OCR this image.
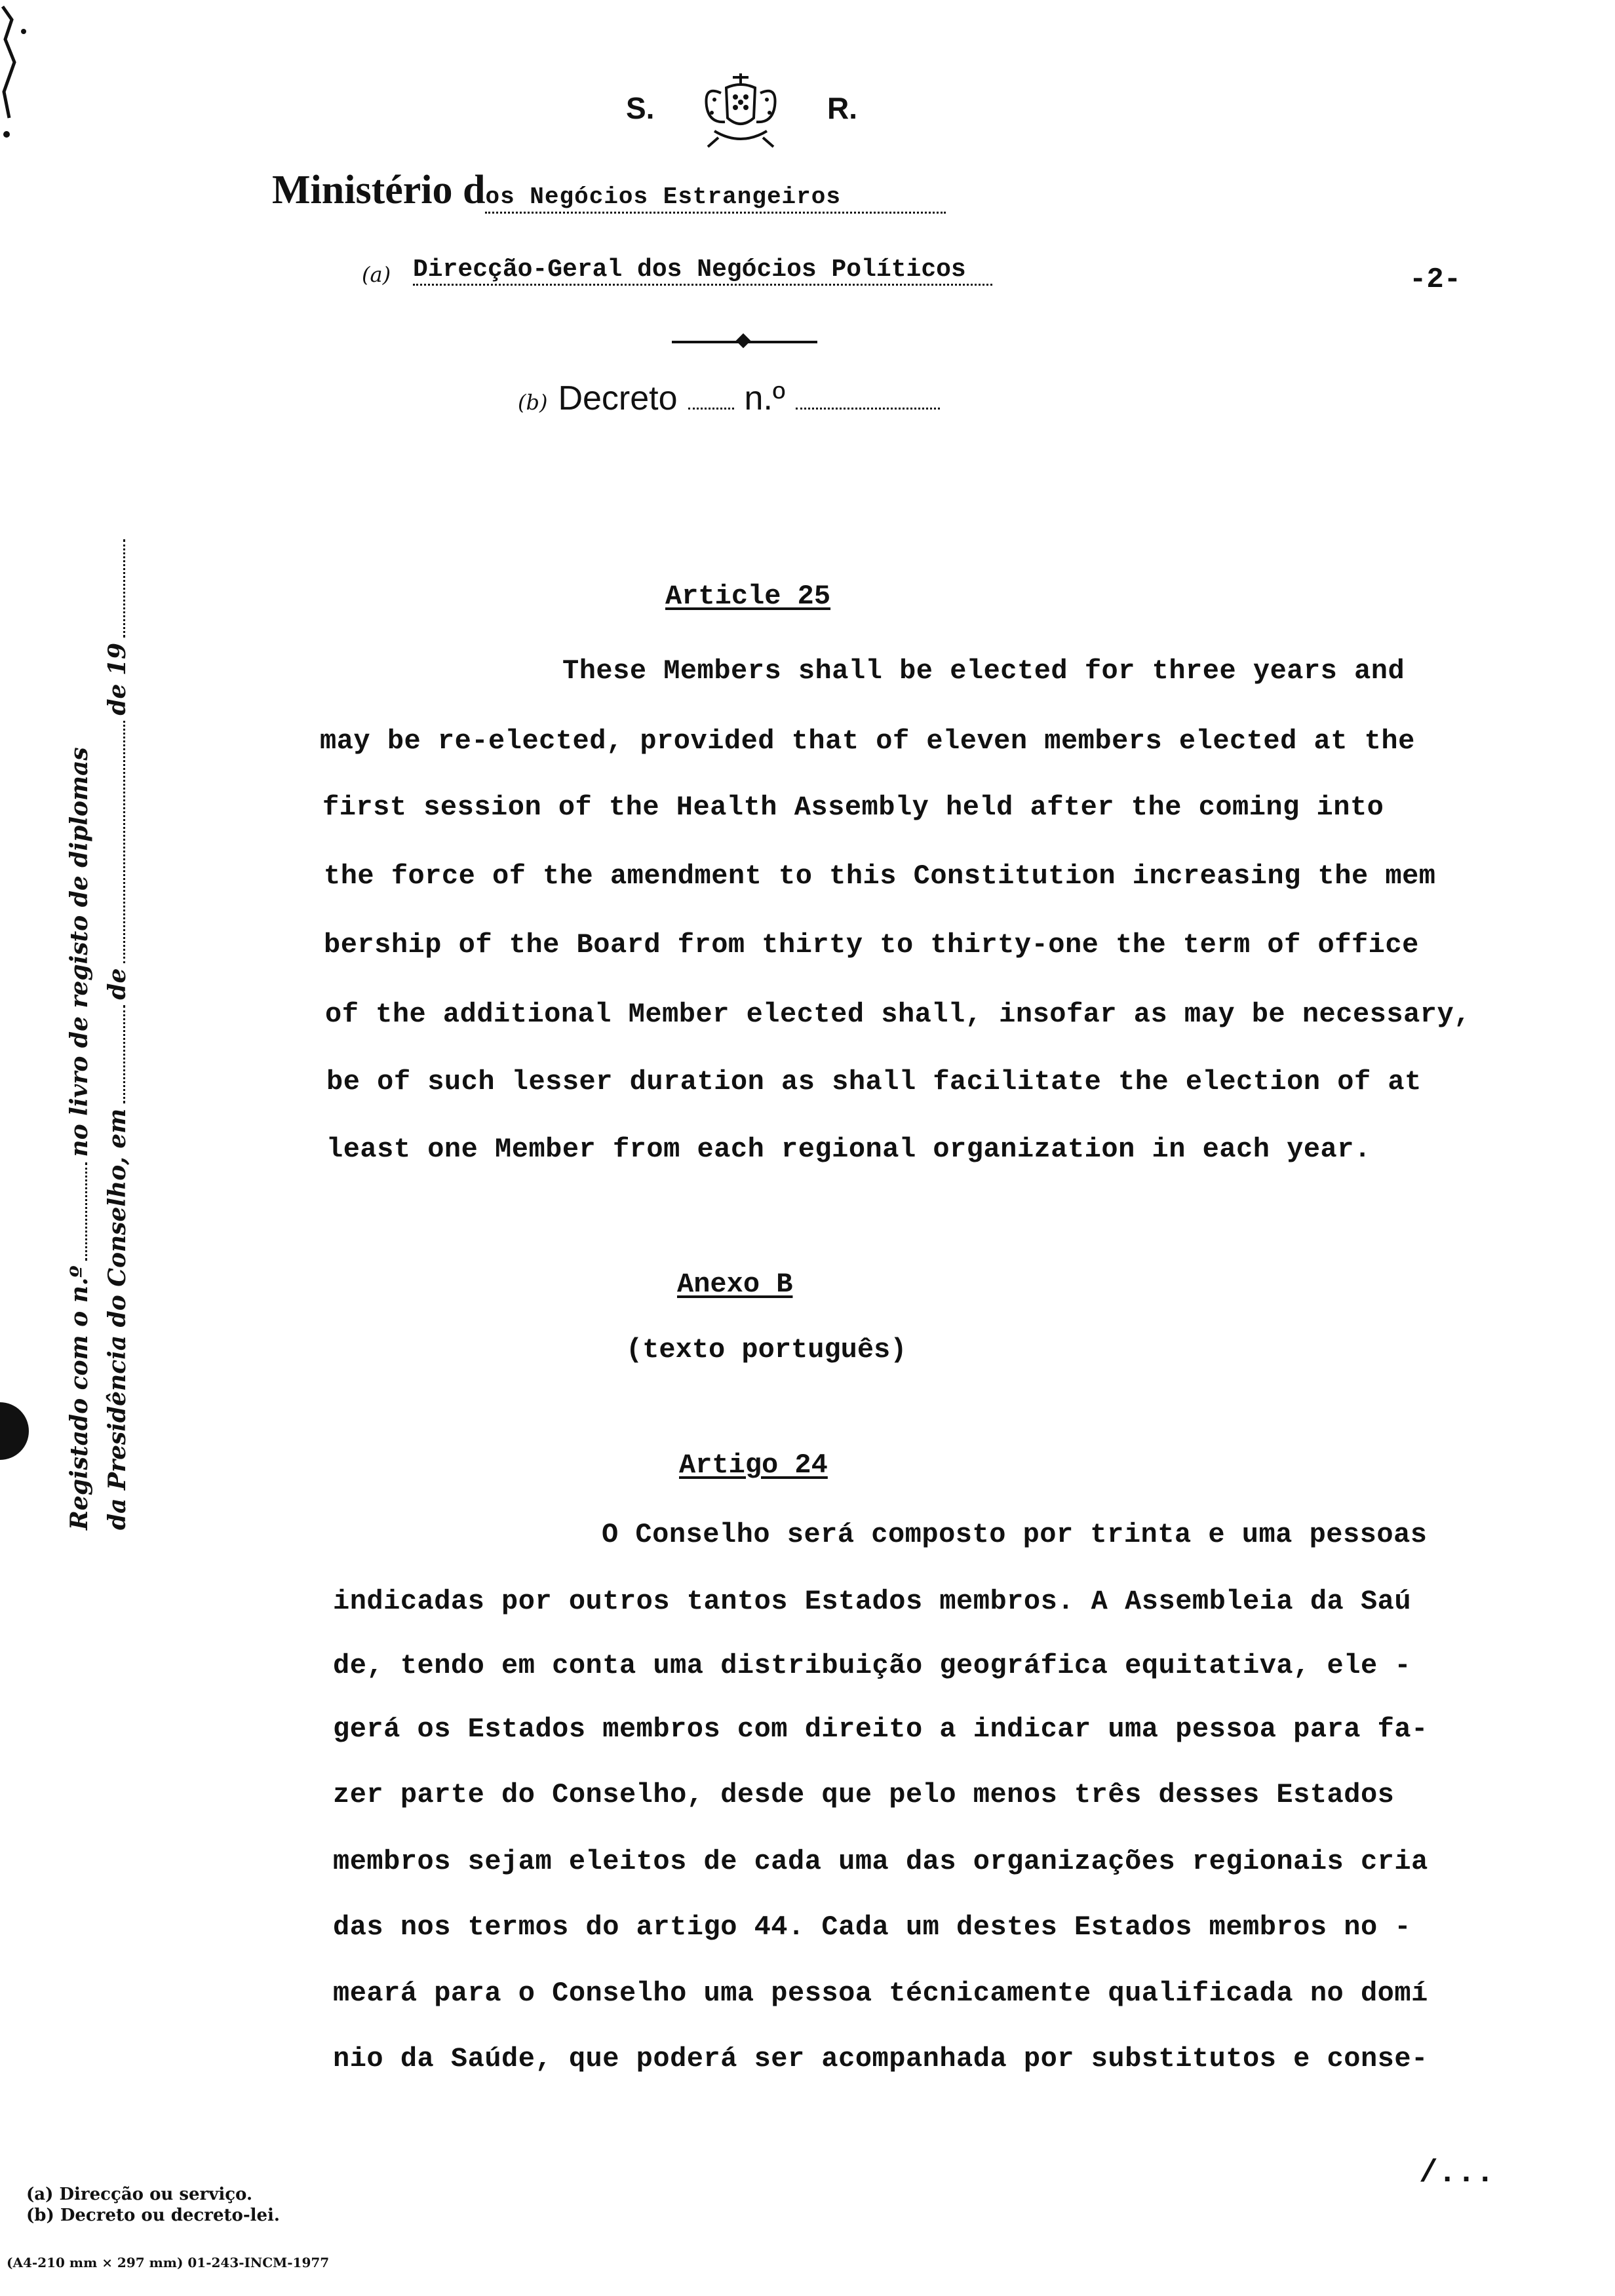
S.	R.
Ministério dos Negócios Estrangeiros
(a) Direcção-Geral dos Negócios Políticos	-2-
(b) Decreto n.º
Article 25
These Members shall be elected for three years and
may be re-elected, provided that of eleven members elected at the
first session of the Health Assembly held after the coming into
the force of the amendment to this Constitution increasing the mem
bership of the Board from thirty to thirty-one the term of office
of the additional Member elected shall, insofar as may be necessary,
be of such lesser duration as shall facilitate the election of at
least one Member from each regional organization in each year.
Anexo B
(texto português)
Artigo 24
O Conselho será composto por trinta e uma pessoas
indicadas por outros tantos Estados membros. A Assembleia da Saú
de, tendo em conta uma distribuição geográfica equitativa, ele -
gerá os Estados membros com direito a indicar uma pessoa para fa-
zer parte do Conselho, desde que pelo menos três desses Estados
membros sejam eleitos de cada uma das organizações regionais cria
das nos termos do artigo 44. Cada um destes Estados membros no -
meará para o Conselho uma pessoa técnicamente qualificada no domí
nio da Saúde, que poderá ser acompanhada por substitutos e conse-
Registado com o n.ºno livro de registo de diplomas
da Presidência do Conselho, emdede 19
(a) Direcção ou serviço.
(b) Decreto ou decreto-lei.
(A4-210 mm × 297 mm) 01-243-INCM-1977
/...
